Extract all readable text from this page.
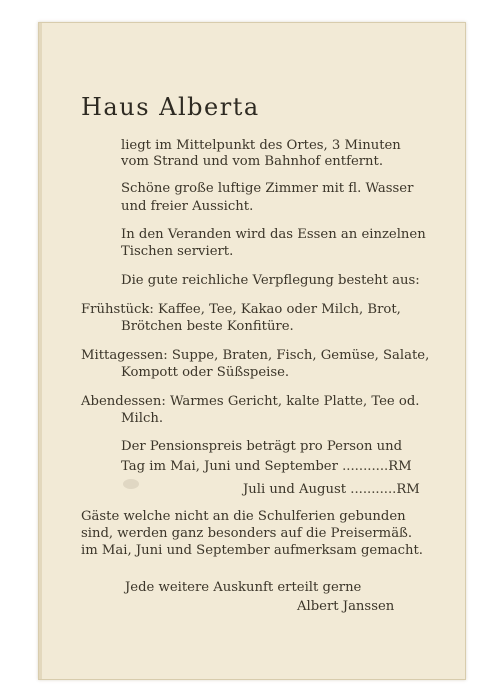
Haus Alberta
liegt im Mittelpunkt des Ortes, 3 Minuten
vom Strand und vom Bahnhof entfernt.
Schöne große luftige Zimmer mit fl. Wasser
und freier Aussicht.
In den Veranden wird das Essen an einzelnen
Tischen serviert.
Die gute reichliche Verpflegung besteht aus:
Frühstück: Kaffee, Tee, Kakao oder Milch, Brot,
Brötchen beste Konfitüre.
Mittagessen: Suppe, Braten, Fisch, Gemüse, Salate,
Kompott oder Süßspeise.
Abendessen: Warmes Gericht, kalte Platte, Tee od.
Milch.
Der Pensionspreis beträgt pro Person und
Tag im Mai, Juni und September ...........RM
Juli und August ...........RM
Gäste welche nicht an die Schulferien gebunden
sind, werden ganz besonders auf die Preisermäß.
im Mai, Juni und September aufmerksam gemacht.
Jede weitere Auskunft erteilt gerne
Albert Janssen
